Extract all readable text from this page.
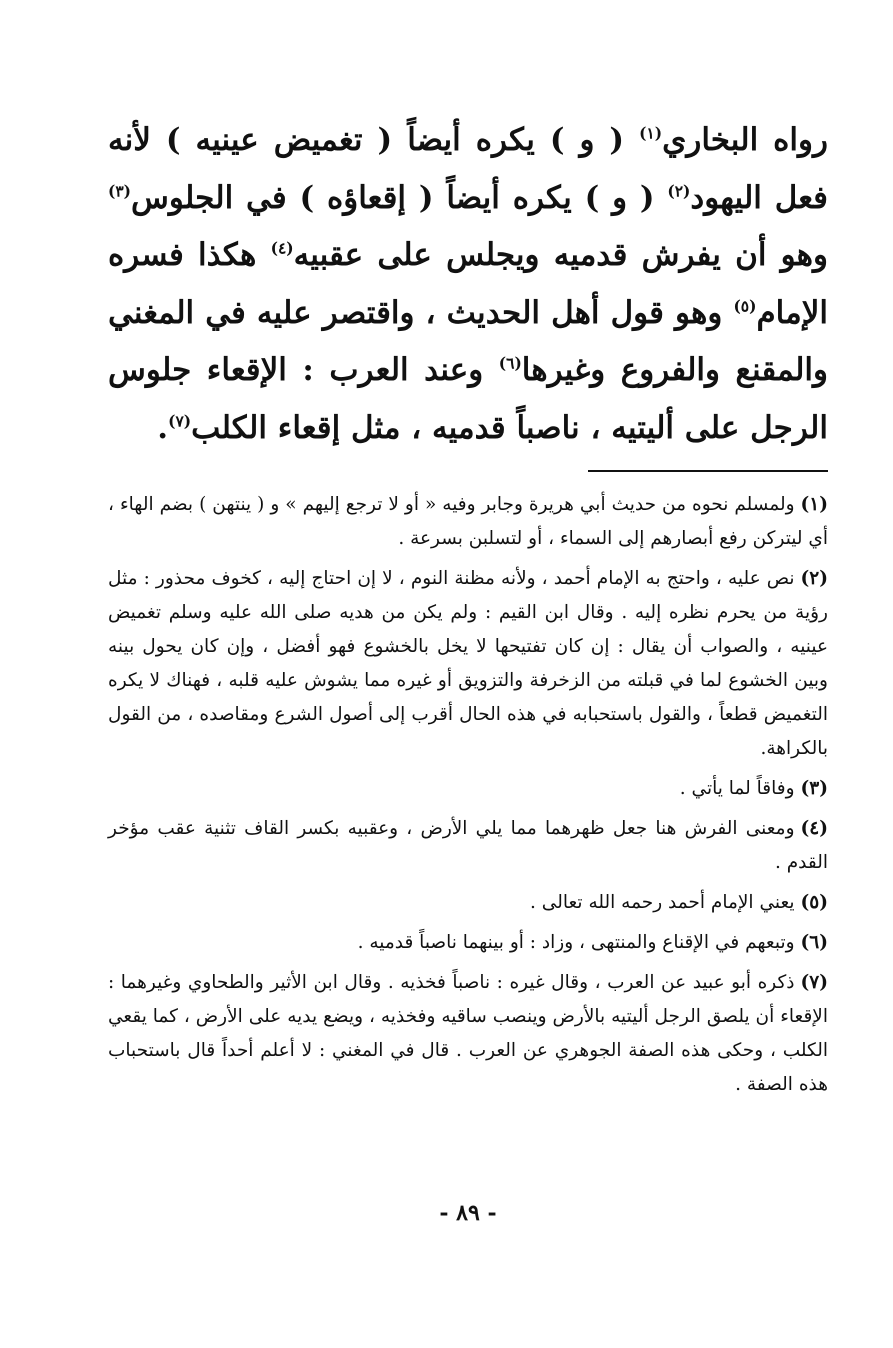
رواه البخاري$^{(١)}$ ( و ) يكره أيضاً ( تغميض عينيه ) لأنه فعل اليهود$^{(٢)}$ ( و ) يكره أيضاً ( إقعاؤه ) في الجلوس$^{(٣)}$ وهو أن يفرش قدميه ويجلس على عقبيه$^{(٤)}$ هكذا فسره الإمام$^{(٥)}$ وهو قول أهل الحديث ، واقتصر عليه في المغني والمقنع والفروع وغيرها$^{(٦)}$ وعند العرب : الإقعاء جلوس الرجل على أليتيه ، ناصباً قدميه ، مثل إقعاء الكلب$^{(٧)}$.

(١)ولمسلم نحوه من حديث أبي هريرة وجابر وفيه « أو لا ترجع إليهم » و ( ينتهن ) بضم الهاء ، أي ليتركن رفع أبصارهم إلى السماء ، أو لتسلبن بسرعة .

(٢)نص عليه ، واحتج به الإمام أحمد ، ولأنه مظنة النوم ، لا إن احتاج إليه ، كخوف محذور : مثل رؤية من يحرم نظره إليه . وقال ابن القيم : ولم يكن من هديه صلى الله عليه وسلم تغميض عينيه ، والصواب أن يقال : إن كان تفتيحها لا يخل بالخشوع فهو أفضل ، وإن كان يحول بينه وبين الخشوع لما في قبلته من الزخرفة والتزويق أو غيره مما يشوش عليه قلبه ، فهناك لا يكره التغميض قطعاً ، والقول باستحبابه في هذه الحال أقرب إلى أصول الشرع ومقاصده ، من القول بالكراهة.

(٣)وفاقاً لما يأتي .

(٤)ومعنى الفرش هنا جعل ظهرهما مما يلي الأرض ، وعقبيه بكسر القاف تثنية عقب مؤخر القدم .

(٥)يعني الإمام أحمد رحمه الله تعالى .

(٦)وتبعهم في الإقناع والمنتهى ، وزاد : أو بينهما ناصباً قدميه .

(٧)ذكره أبو عبيد عن العرب ، وقال غيره : ناصباً فخذيه . وقال ابن الأثير والطحاوي وغيرهما : الإقعاء أن يلصق الرجل أليتيه بالأرض وينصب ساقيه وفخذيه ، ويضع يديه على الأرض ، كما يقعي الكلب ، وحكى هذه الصفة الجوهري عن العرب . قال في المغني : لا أعلم أحداً قال باستحباب هذه الصفة .

- ٨٩ -
